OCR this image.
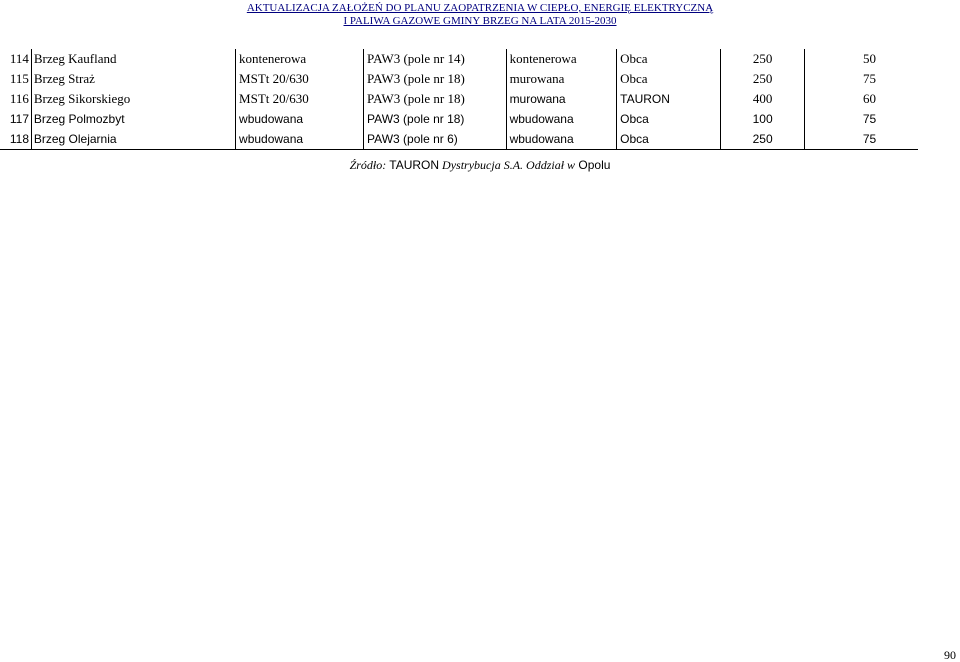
AKTUALIZACJA ZAŁOŻEŃ DO PLANU ZAOPATRZENIA W CIEPŁO, ENERGIĘ ELEKTRYCZNĄ
I PALIWA GAZOWE GMINY BRZEG NA LATA 2015-2030
114	Brzeg Kaufland	kontenerowa	PAW3 (pole nr 14)	kontenerowa	Obca	250	50
115	Brzeg Straż	MSTt 20/630	PAW3 (pole nr 18)	murowana	Obca	250	75
116	Brzeg Sikorskiego	MSTt 20/630	PAW3 (pole nr 18)	murowana	TAURON	400	60
117	Brzeg Polmozbyt	wbudowana	PAW3 (pole nr 18)	wbudowana	Obca	100	75
118	Brzeg Olejarnia	wbudowana	PAW3 (pole nr 6)	wbudowana	Obca	250	75
Źródło: TAURON Dystrybucja S.A. Oddział w Opolu
90
